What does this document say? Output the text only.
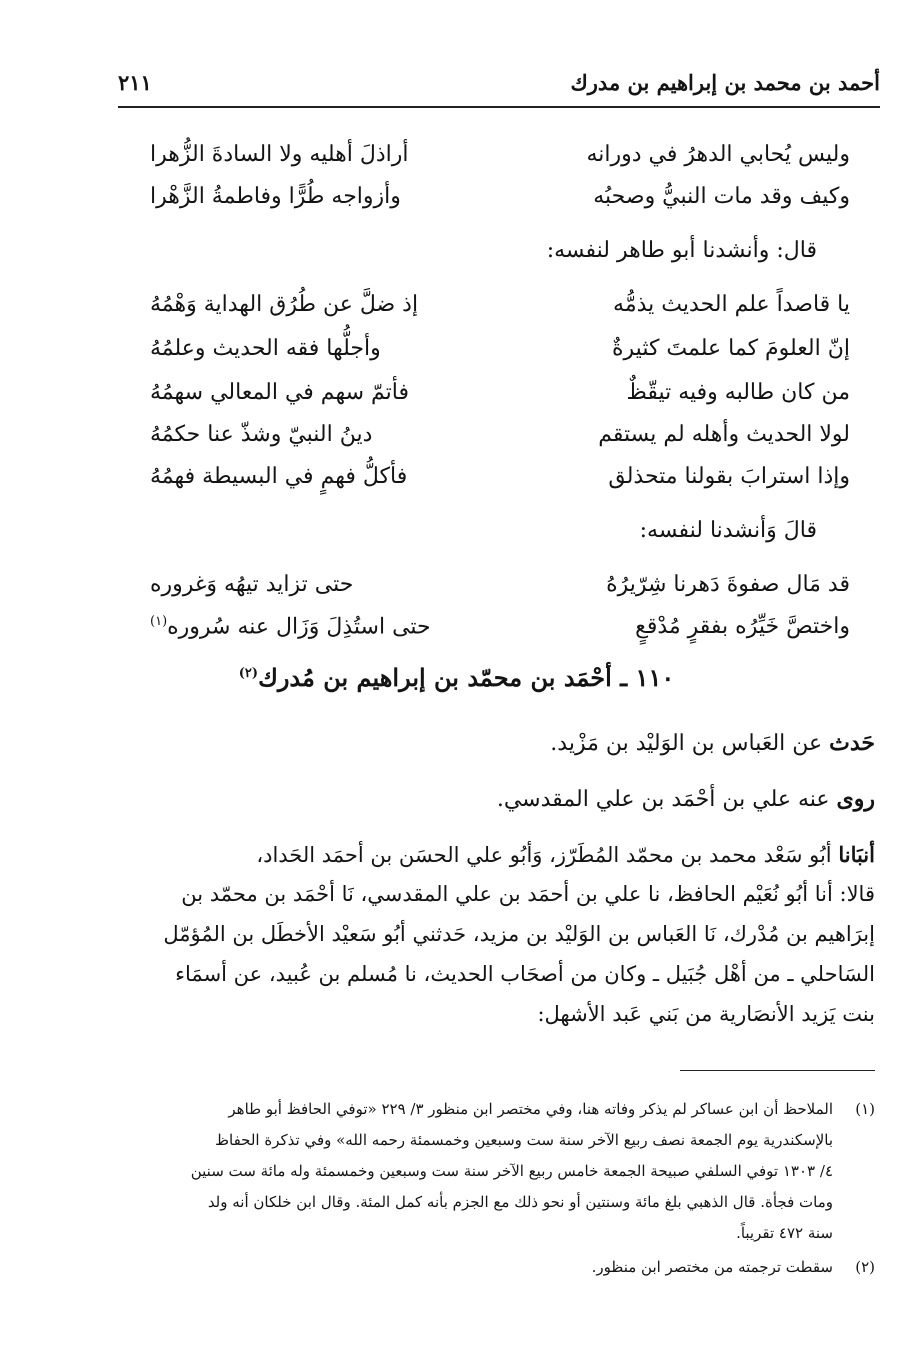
أحمد بن محمد بن إبراهيم بن مدرك
٢١١
وليس يُحابي الدهرُ في دورانه
أراذلَ أهليه ولا السادةَ الزُّهرا
وكيف وقد مات النبيُّ وصحبُه
وأزواجه طُرًّا وفاطمةُ الزَّهْرا
قال: وأنشدنا أبو طاهر لنفسه:
يا قاصداً علم الحديث يذمُّه
إذ ضلَّ عن طُرُق الهداية وَهْمُهُ
إنّ العلومَ كما علمتَ كثيرةٌ
وأجلُّها فقه الحديث وعلمُهُ
من كان طالبه وفيه تيقّظٌ
فأتمّ سهم في المعالي سهمُهُ
لولا الحديث وأهله لم يستقم
دينُ النبيّ وشذّ عنا حكمُهُ
وإذا استرابَ بقولنا متحذلق
فأكلُّ فهمٍ في البسيطة فهمُهُ
قالَ وَأنشدنا لنفسه:
قد مَال صفوةَ دَهرنا شِرّيرُهُ
حتى تزايد تيهُه وَغروره
واختصَّ خَيِّرُه بفقرٍ مُدْقعٍ
حتى استُذِلَ وَزَال عنه سُروره$^{(١)}$
١١٠ ـ أحْمَد بن محمّد بن إبراهيم بن مُدرك$^{(٢)}$
حَدث عن العَباس بن الوَليْد بن مَزْيد.
روى عنه علي بن أحْمَد بن علي المقدسي.
أنبَانا أبُو سَعْد محمد بن محمّد المُطَرّز، وَأبُو علي الحسَن بن أحمَد الحَداد،
قالا: أنا أبُو نُعَيْم الحافظ، نا علي بن أحمَد بن علي المقدسي، نَا أحْمَد بن محمّد بن
إبرَاهيم بن مُدْرك، نَا العَباس بن الوَليْد بن مزيد، حَدثني أبُو سَعيْد الأخطَل بن المُؤمّل
السَاحلي ـ من أهْل جُبَيل ـ وكان من أصحَاب الحديث، نا مُسلم بن عُبيد، عن أسمَاء
بنت يَزيد الأنصَارية من بَني عَبد الأشهل:
(١)
الملاحظ أن ابن عساكر لم يذكر وفاته هنا، وفي مختصر ابن منظور ٣/ ٢٢٩ «توفي الحافظ أبو طاهر
بالإسكندرية يوم الجمعة نصف ربيع الآخر سنة ست وسبعين وخمسمئة رحمه الله» وفي تذكرة الحفاظ
٤/ ١٣٠٣ توفي السلفي صبيحة الجمعة خامس ربيع الآخر سنة ست وسبعين وخمسمئة وله مائة ست سنين
ومات فجأة. قال الذهبي بلغ مائة وسنتين أو نحو ذلك مع الجزم بأنه كمل المئة. وقال ابن خلكان أنه ولد
سنة ٤٧٢ تقريباً.
(٢)
سقطت ترجمته من مختصر ابن منظور.
